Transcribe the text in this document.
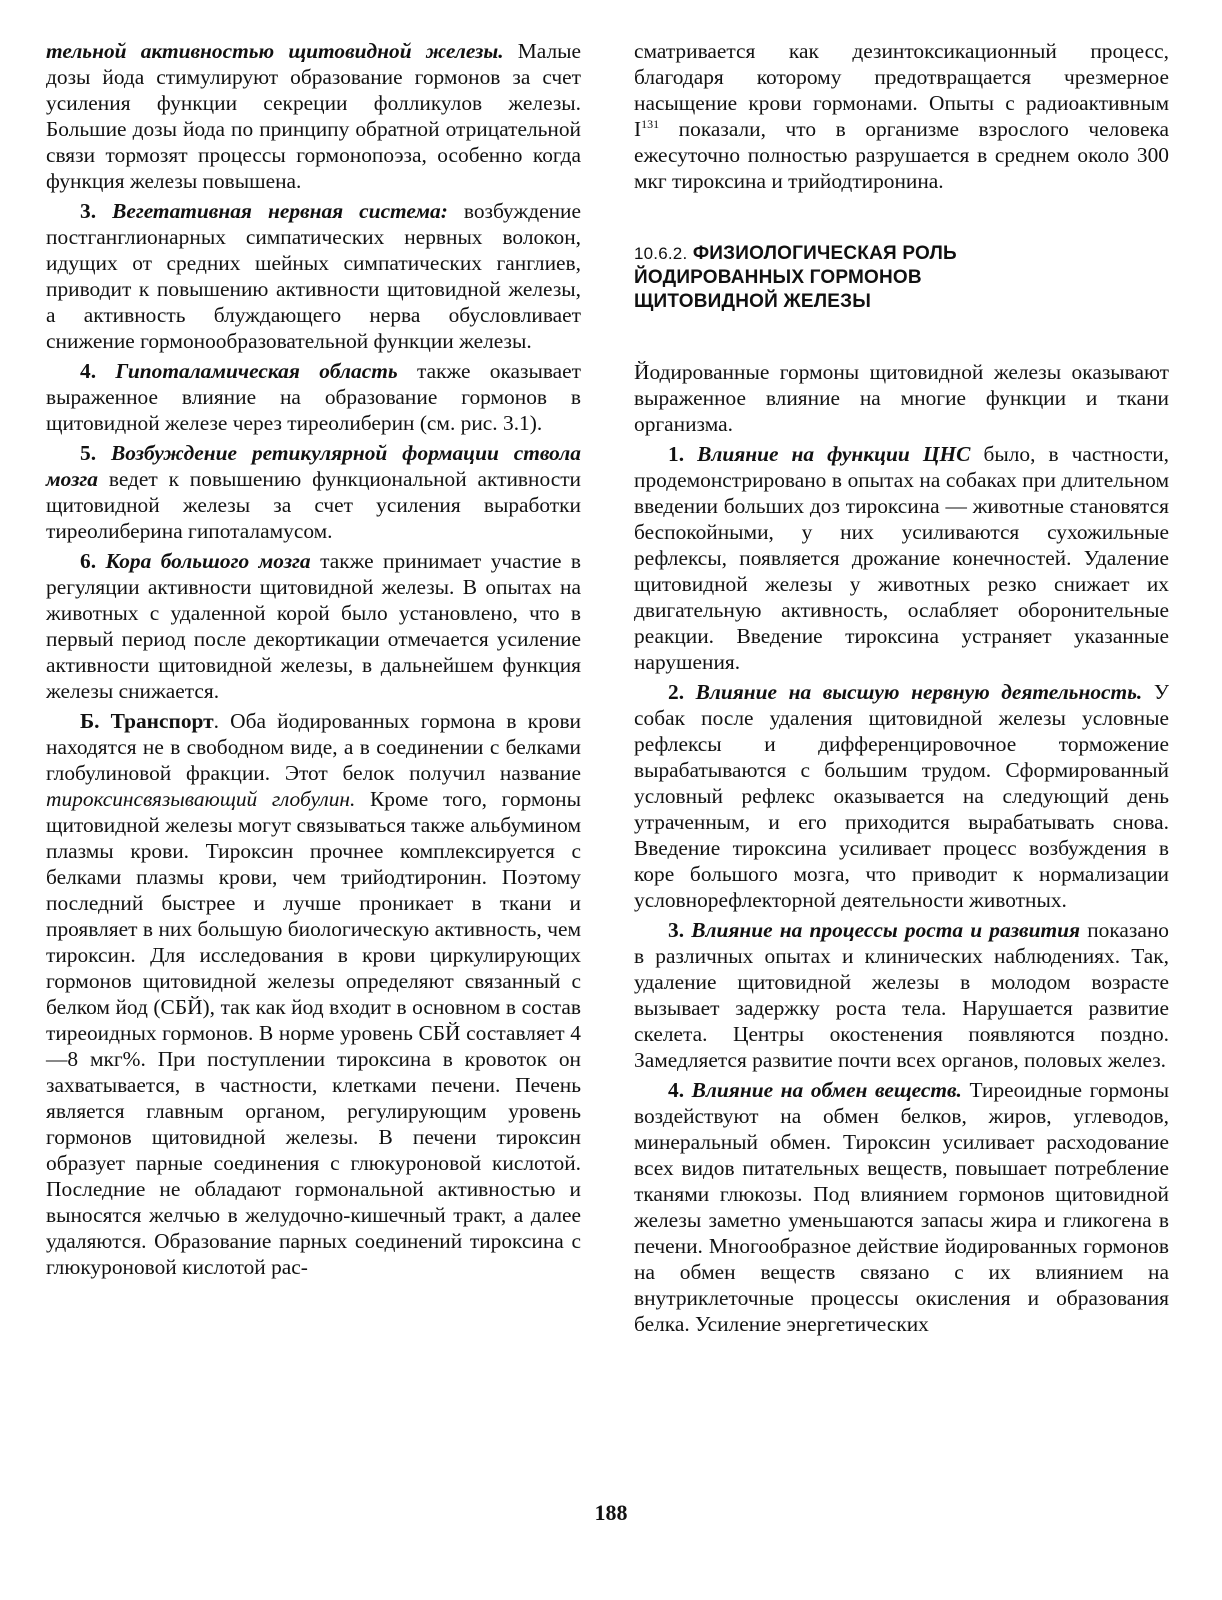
тельной активностью щитовидной железы. Малые дозы йода стимулируют образование гормонов за счет усиления функции секреции фолликулов железы. Большие дозы йода по принципу обратной отрицательной связи тормозят процессы гормонопоэза, особенно когда функция железы повышена.

3. Вегетативная нервная система: возбуждение постганглионарных симпатических нервных волокон, идущих от средних шейных симпатических ганглиев, приводит к повышению активности щитовидной железы, а активность блуждающего нерва обусловливает снижение гормонообразовательной функции железы.

4. Гипоталамическая область также оказывает выраженное влияние на образование гормонов в щитовидной железе через тиреолиберин (см. рис. 3.1).

5. Возбуждение ретикулярной формации ствола мозга ведет к повышению функциональной активности щитовидной железы за счет усиления выработки тиреолиберина гипоталамусом.

6. Кора большого мозга также принимает участие в регуляции активности щитовидной железы. В опытах на животных с удаленной корой было установлено, что в первый период после декортикации отмечается усиление активности щитовидной железы, в дальнейшем функция железы снижается.

Б. Транспорт. Оба йодированных гормона в крови находятся не в свободном виде, а в соединении с белками глобулиновой фракции. Этот белок получил название тироксинсвязывающий глобулин. Кроме того, гормоны щитовидной железы могут связываться также альбумином плазмы крови. Тироксин прочнее комплексируется с белками плазмы крови, чем трийодтиронин. Поэтому последний быстрее и лучше проникает в ткани и проявляет в них большую биологическую активность, чем тироксин. Для исследования в крови циркулирующих гормонов щитовидной железы определяют связанный с белком йод (СБЙ), так как йод входит в основном в состав тиреоидных гормонов. В норме уровень СБЙ составляет 4—8 мкг%. При поступлении тироксина в кровоток он захватывается, в частности, клетками печени. Печень является главным органом, регулирующим уровень гормонов щитовидной железы. В печени тироксин образует парные соединения с глюкуроновой кислотой. Последние не обладают гормональной активностью и выносятся желчью в желудочно-кишечный тракт, а далее удаляются. Образование парных соединений тироксина с глюкуроновой кислотой рас-

сматривается как дезинтоксикационный процесс, благодаря которому предотвращается чрезмерное насыщение крови гормонами. Опыты с радиоактивным $I^{131}$ показали, что в организме взрослого человека ежесуточно полностью разрушается в среднем около 300 мкг тироксина и трийодтиронина.

10.6.2. ФИЗИОЛОГИЧЕСКАЯ РОЛЬ
ЙОДИРОВАННЫХ ГОРМОНОВ
ЩИТОВИДНОЙ ЖЕЛЕЗЫ

Йодированные гормоны щитовидной железы оказывают выраженное влияние на многие функции и ткани организма.

1. Влияние на функции ЦНС было, в частности, продемонстрировано в опытах на собаках при длительном введении больших доз тироксина — животные становятся беспокойными, у них усиливаются сухожильные рефлексы, появляется дрожание конечностей. Удаление щитовидной железы у животных резко снижает их двигательную активность, ослабляет оборонительные реакции. Введение тироксина устраняет указанные нарушения.

2. Влияние на высшую нервную деятельность. У собак после удаления щитовидной железы условные рефлексы и дифференцировочное торможение вырабатываются с большим трудом. Сформированный условный рефлекс оказывается на следующий день утраченным, и его приходится вырабатывать снова. Введение тироксина усиливает процесс возбуждения в коре большого мозга, что приводит к нормализации условнорефлекторной деятельности животных.

3. Влияние на процессы роста и развития показано в различных опытах и клинических наблюдениях. Так, удаление щитовидной железы в молодом возрасте вызывает задержку роста тела. Нарушается развитие скелета. Центры окостенения появляются поздно. Замедляется развитие почти всех органов, половых желез.

4. Влияние на обмен веществ. Тиреоидные гормоны воздействуют на обмен белков, жиров, углеводов, минеральный обмен. Тироксин усиливает расходование всех видов питательных веществ, повышает потребление тканями глюкозы. Под влиянием гормонов щитовидной железы заметно уменьшаются запасы жира и гликогена в печени. Многообразное действие йодированных гормонов на обмен веществ связано с их влиянием на внутриклеточные процессы окисления и образования белка. Усиление энергетических

188
